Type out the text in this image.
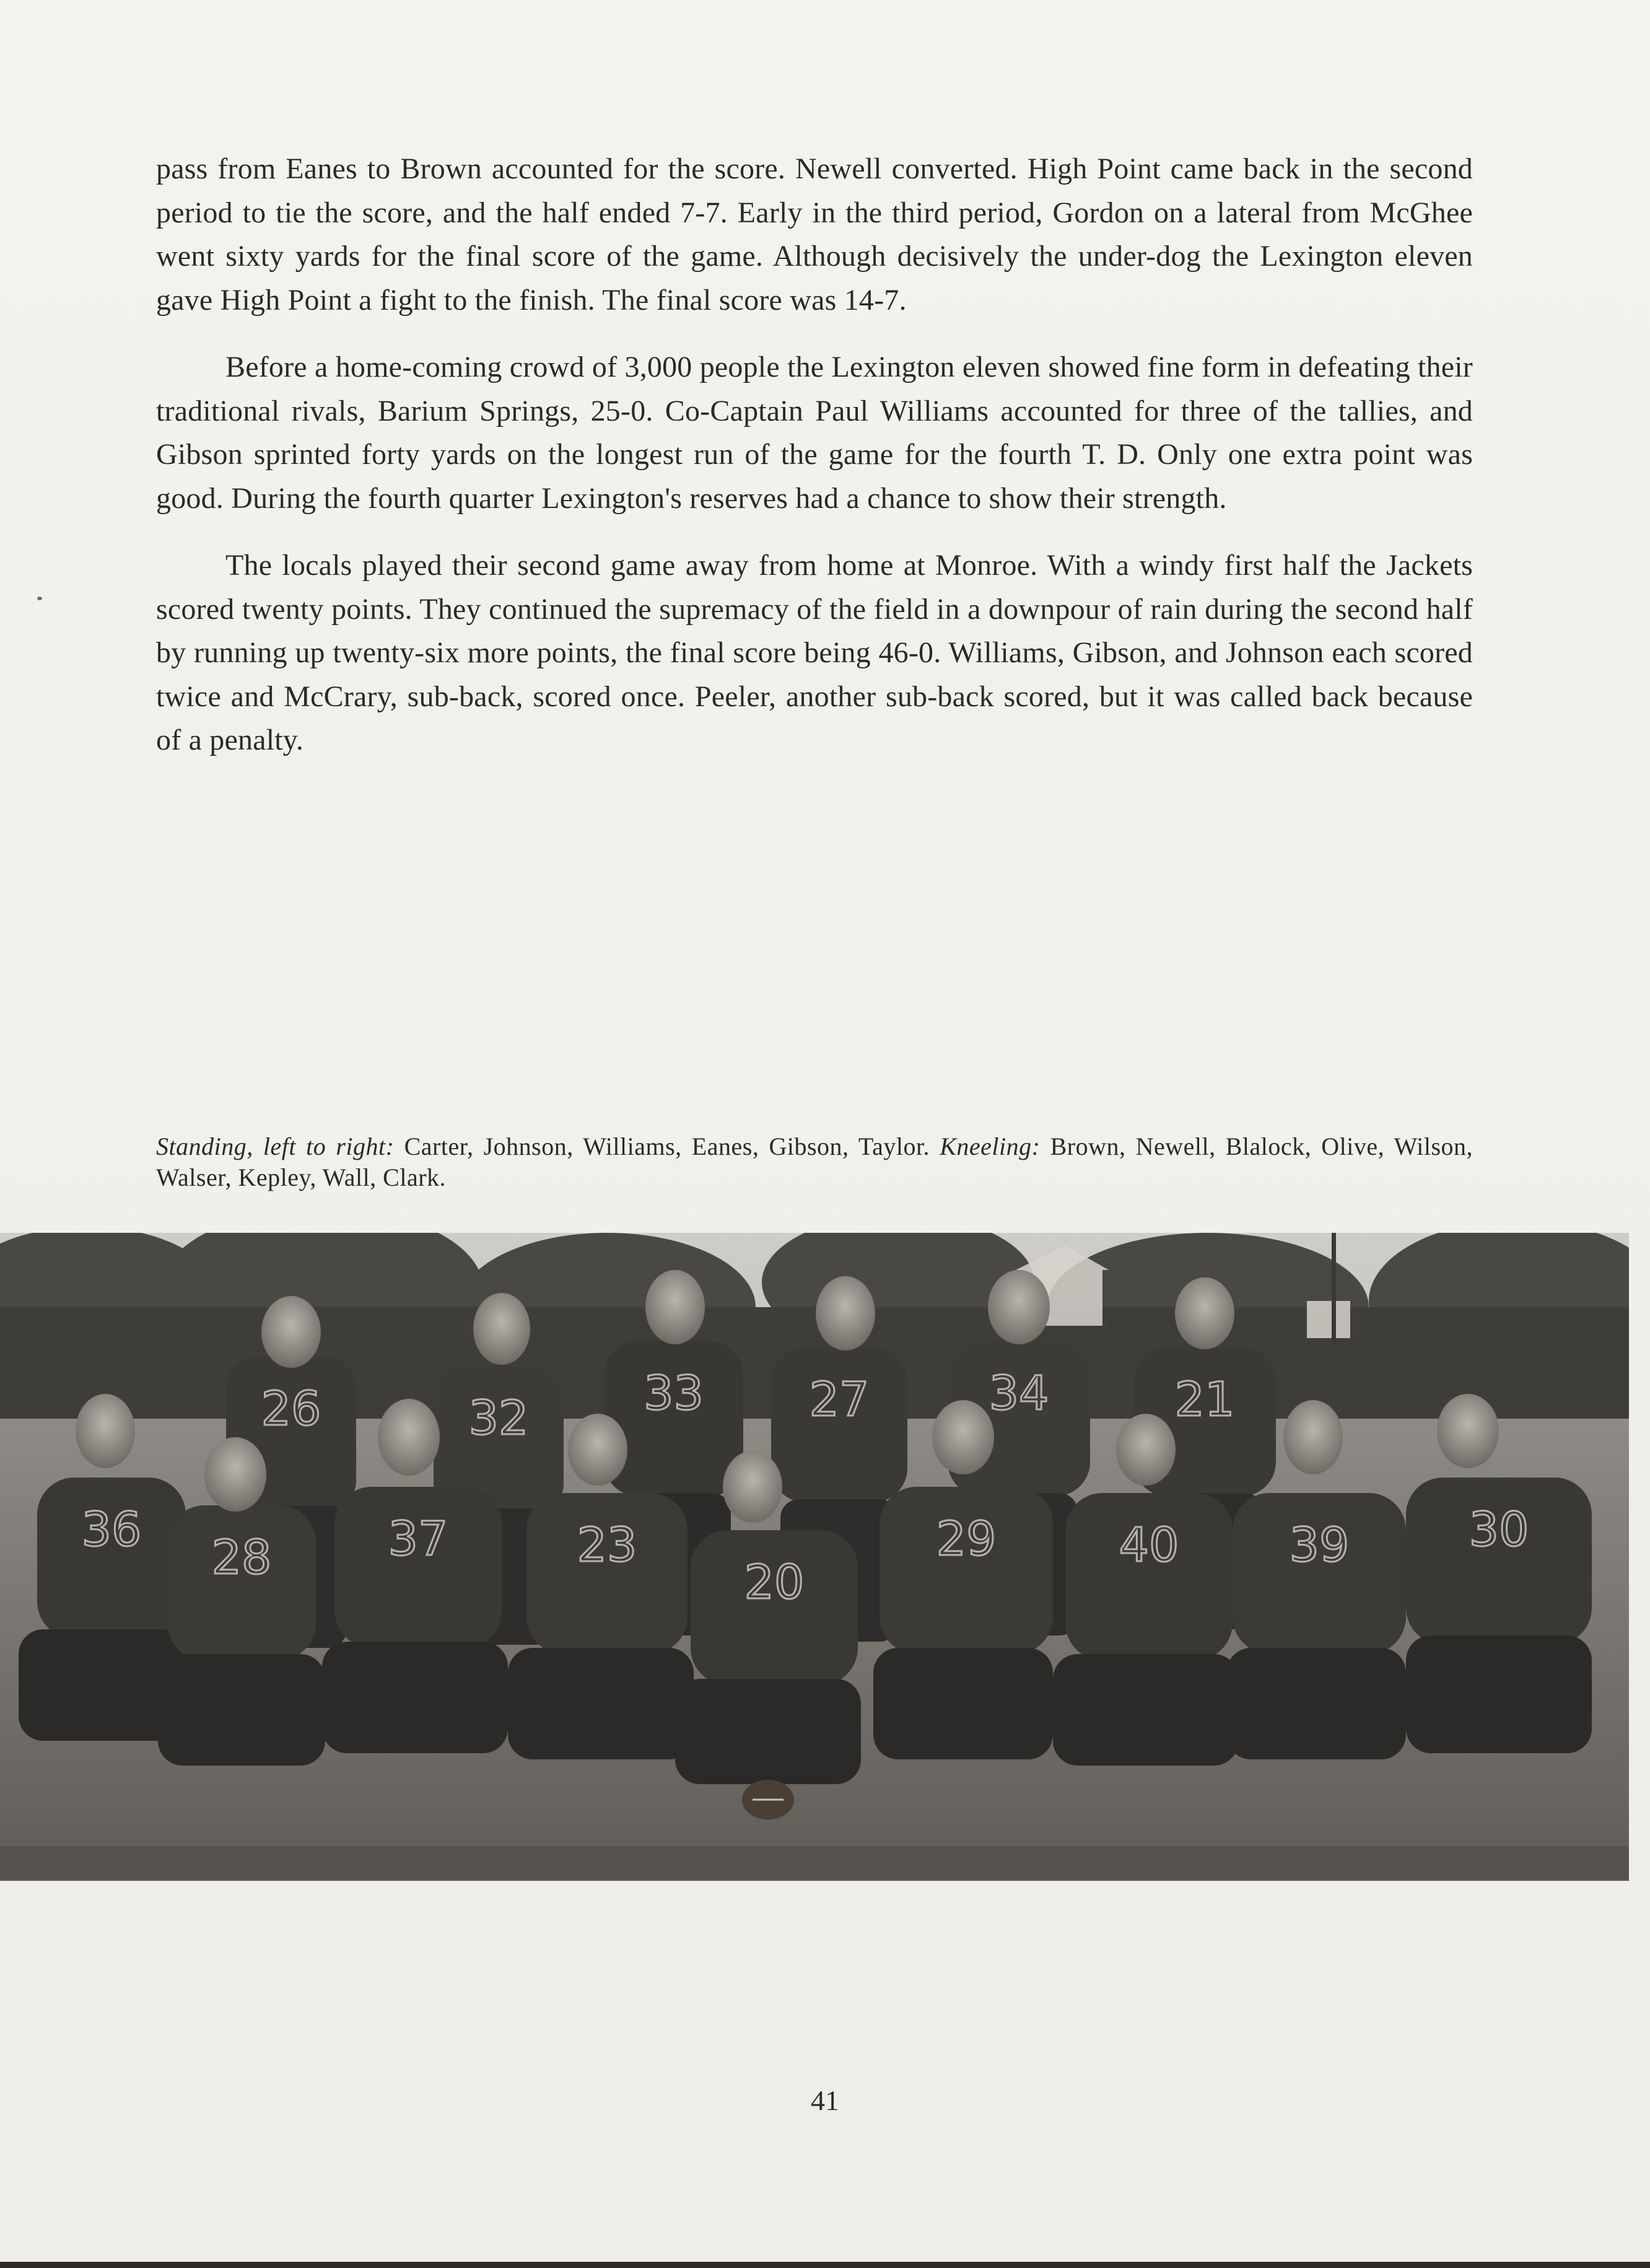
pass from Eanes to Brown accounted for the score. Newell converted. High Point came back in the second period to tie the score, and the half ended 7-7. Early in the third period, Gordon on a lateral from McGhee went sixty yards for the final score of the game. Although decisively the under-dog the Lexington eleven gave High Point a fight to the finish. The final score was 14-7.

Before a home-coming crowd of 3,000 people the Lexington eleven showed fine form in defeating their traditional rivals, Barium Springs, 25-0. Co-Captain Paul Williams accounted for three of the tallies, and Gibson sprinted forty yards on the longest run of the game for the fourth T. D. Only one extra point was good. During the fourth quarter Lexington's reserves had a chance to show their strength.

The locals played their second game away from home at Monroe. With a windy first half the Jackets scored twenty points. They continued the supremacy of the field in a downpour of rain during the second half by running up twenty-six more points, the final score being 46-0. Williams, Gibson, and Johnson each scored twice and McCrary, sub-back, scored once. Peeler, another sub-back scored, but it was called back because of a penalty.

Standing, left to right: Carter, Johnson, Williams, Eanes, Gibson, Taylor. Kneeling: Brown, Newell, Blalock, Olive, Wilson, Walser, Kepley, Wall, Clark.
26	32 33 27	34	21
36
28 37	23
20
29	40 39	30
41
